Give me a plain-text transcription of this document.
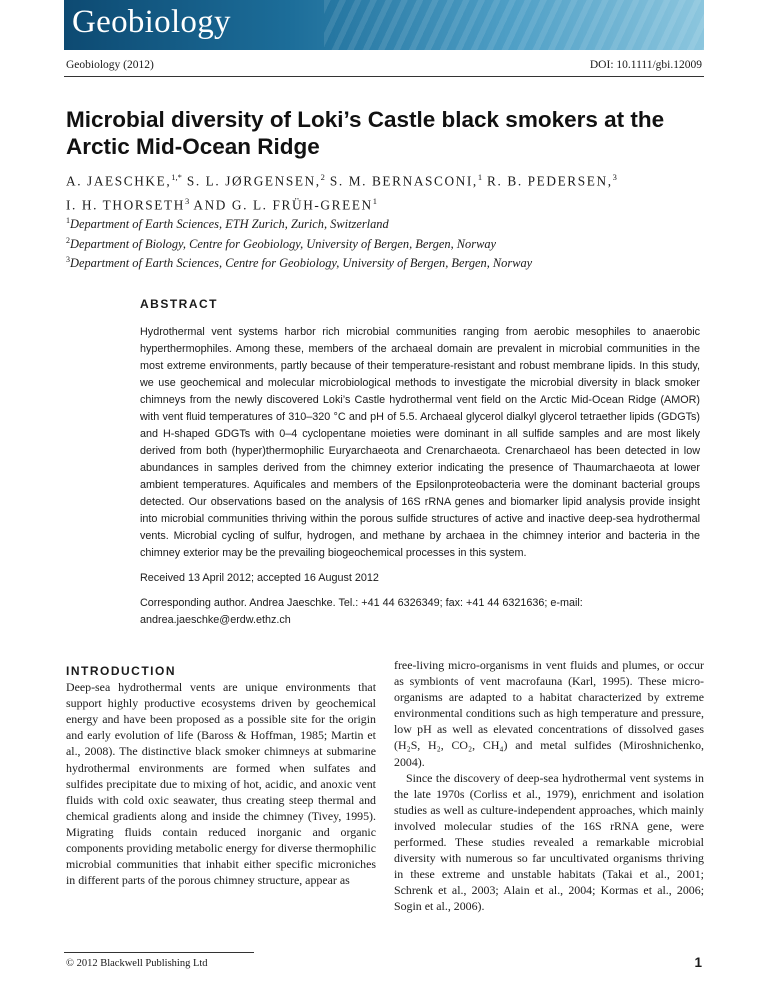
Geobiology
Geobiology (2012)	DOI: 10.1111/gbi.12009
Microbial diversity of Loki’s Castle black smokers at the Arctic Mid-Ocean Ridge
A. JAESCHKE,$^{1,*}$ S. L. JØRGENSEN,$^2$ S. M. BERNASCONI,$^1$ R. B. PEDERSEN,$^3$
I. H. THORSETH$^3$ AND G. L. FRÜH-GREEN$^1$
$^1$Department of Earth Sciences, ETH Zurich, Zurich, Switzerland
$^2$Department of Biology, Centre for Geobiology, University of Bergen, Bergen, Norway
$^3$Department of Earth Sciences, Centre for Geobiology, University of Bergen, Bergen, Norway

ABSTRACT

Hydrothermal vent systems harbor rich microbial communities ranging from aerobic mesophiles to anaerobic hyperthermophiles. Among these, members of the archaeal domain are prevalent in microbial communities in the most extreme environments, partly because of their temperature-resistant and robust membrane lipids. In this study, we use geochemical and molecular microbiological methods to investigate the microbial diversity in black smoker chimneys from the newly discovered Loki’s Castle hydrothermal vent field on the Arctic Mid-Ocean Ridge (AMOR) with vent fluid temperatures of 310–320 °C and pH of 5.5. Archaeal glycerol dialkyl glycerol tetraether lipids (GDGTs) and H-shaped GDGTs with 0–4 cyclopentane moieties were dominant in all sulfide samples and are most likely derived from both (hyper)thermophilic Euryarchaeota and Crenarchaeota. Crenarchaeol has been detected in low abundances in samples derived from the chimney exterior indicating the presence of Thaumarchaeota at lower ambient temperatures. Aquificales and members of the Epsilonproteobacteria were the dominant bacterial groups detected. Our observations based on the analysis of 16S rRNA genes and biomarker lipid analysis provide insight into microbial communities thriving within the porous sulfide structures of active and inactive deep-sea hydrothermal vents. Microbial cycling of sulfur, hydrogen, and methane by archaea in the chimney interior and bacteria in the chimney exterior may be the prevailing biogeochemical processes in this system.

Received 13 April 2012; accepted 16 August 2012

Corresponding author. Andrea Jaeschke. Tel.: +41 44 6326349; fax: +41 44 6321636; e-mail: andrea.jaeschke@erdw.ethz.ch

INTRODUCTION

Deep-sea hydrothermal vents are unique environments that support highly productive ecosystems driven by geochemical energy and have been proposed as a possible site for the origin and early evolution of life (Baross & Hoffman, 1985; Martin et al., 2008). The distinctive black smoker chimneys at submarine hydrothermal environments are formed when sulfates and sulfides precipitate due to mixing of hot, acidic, and anoxic vent fluids with cold oxic seawater, thus creating steep thermal and chemical gradients along and inside the chimney (Tivey, 1995). Migrating fluids contain reduced inorganic and organic components providing metabolic energy for diverse thermophilic microbial communities that inhabit either specific microniches in different parts of the porous chimney structure, appear as

free-living micro-organisms in vent fluids and plumes, or occur as symbionts of vent macrofauna (Karl, 1995). These micro-organisms are adapted to a habitat characterized by extreme environmental conditions such as high temperature and pressure, low pH as well as elevated concentrations of dissolved gases (H₂S, H₂, CO₂, CH₄) and metal sulfides (Miroshnichenko, 2004).

Since the discovery of deep-sea hydrothermal vent systems in the late 1970s (Corliss et al., 1979), enrichment and isolation studies as well as culture-independent approaches, which mainly involved molecular studies of the 16S rRNA gene, were performed. These studies revealed a remarkable microbial diversity with numerous so far uncultivated organisms thriving in these extreme and unstable habitats (Takai et al., 2001; Schrenk et al., 2003; Alain et al., 2004; Kormas et al., 2006; Sogin et al., 2006).

© 2012 Blackwell Publishing Ltd	1
